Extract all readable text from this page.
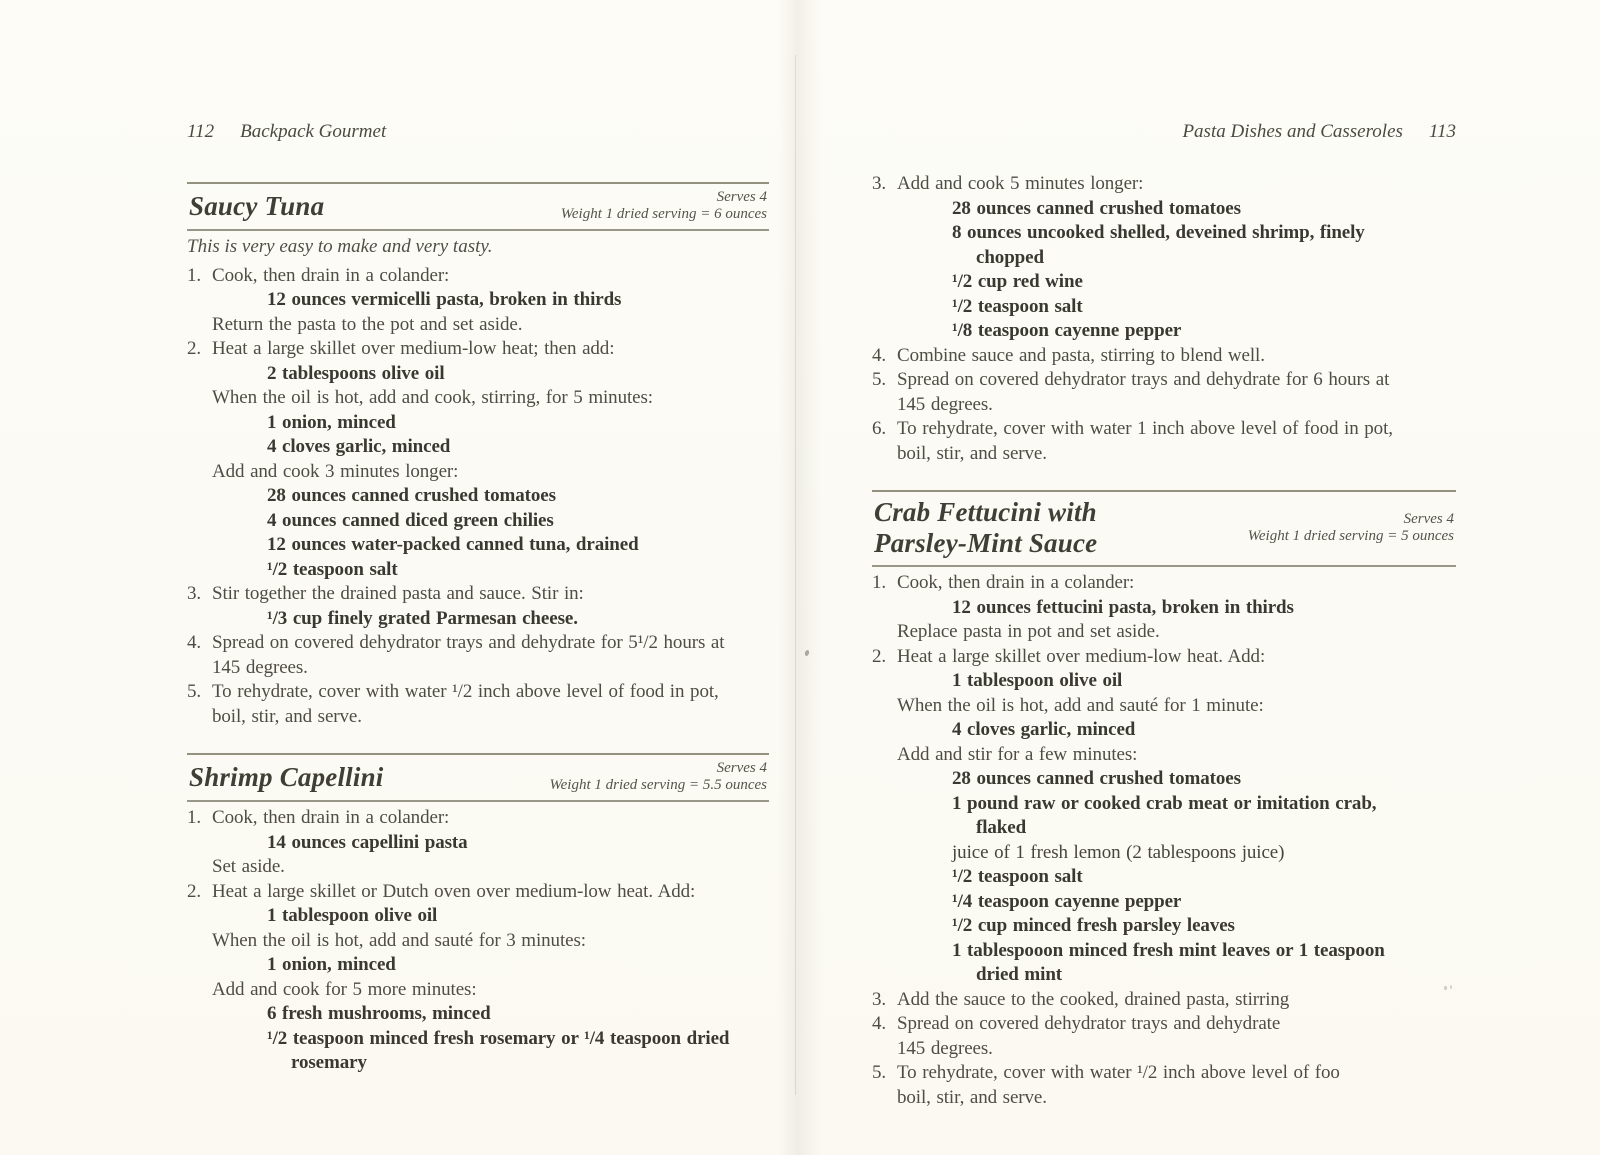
112 Backpack Gourmet
Saucy Tuna	Serves 4
Weight 1 dried serving = 6 ounces
This is very easy to make and very tasty.
1. Cook, then drain in a colander:
12 ounces vermicelli pasta, broken in thirds
Return the pasta to the pot and set aside.
2. Heat a large skillet over medium-low heat; then add:
2 tablespoons olive oil
When the oil is hot, add and cook, stirring, for 5 minutes:
1 onion, minced
4 cloves garlic, minced
Add and cook 3 minutes longer:
28 ounces canned crushed tomatoes
4 ounces canned diced green chilies
12 ounces water-packed canned tuna, drained
¹/2 teaspoon salt
3. Stir together the drained pasta and sauce. Stir in:
¹/3 cup finely grated Parmesan cheese.
4. Spread on covered dehydrator trays and dehydrate for 5¹/2 hours at
145 degrees.
5. To rehydrate, cover with water ¹/2 inch above level of food in pot,
boil, stir, and serve.
Shrimp Capellini	Serves 4
Weight 1 dried serving = 5.5 ounces
1. Cook, then drain in a colander:
14 ounces capellini pasta
Set aside.
2. Heat a large skillet or Dutch oven over medium-low heat. Add:
1 tablespoon olive oil
When the oil is hot, add and sauté for 3 minutes:
1 onion, minced
Add and cook for 5 more minutes:
6 fresh mushrooms, minced
¹/2 teaspoon minced fresh rosemary or ¹/4 teaspoon dried
rosemary
Pasta Dishes and Casseroles 113
3. Add and cook 5 minutes longer:
28 ounces canned crushed tomatoes
8 ounces uncooked shelled, deveined shrimp, finely
chopped
¹/2 cup red wine
¹/2 teaspoon salt
¹/8 teaspoon cayenne pepper
4. Combine sauce and pasta, stirring to blend well.
5. Spread on covered dehydrator trays and dehydrate for 6 hours at
145 degrees.
6. To rehydrate, cover with water 1 inch above level of food in pot,
boil, stir, and serve.
Crab Fettucini with
Parsley-Mint Sauce
Serves 4
Weight 1 dried serving = 5 ounces
1. Cook, then drain in a colander:
12 ounces fettucini pasta, broken in thirds
Replace pasta in pot and set aside.
2. Heat a large skillet over medium-low heat. Add:
1 tablespoon olive oil
When the oil is hot, add and sauté for 1 minute:
4 cloves garlic, minced
Add and stir for a few minutes:
28 ounces canned crushed tomatoes
1 pound raw or cooked crab meat or imitation crab,
flaked
juice of 1 fresh lemon (2 tablespoons juice)
¹/2 teaspoon salt
¹/4 teaspoon cayenne pepper
¹/2 cup minced fresh parsley leaves
1 tablespooon minced fresh mint leaves or 1 teaspoon
dried mint
3. Add the sauce to the cooked, drained pasta, stirring
4. Spread on covered dehydrator trays and dehydrate
145 degrees.
5. To rehydrate, cover with water ¹/2 inch above level of foo
boil, stir, and serve.
